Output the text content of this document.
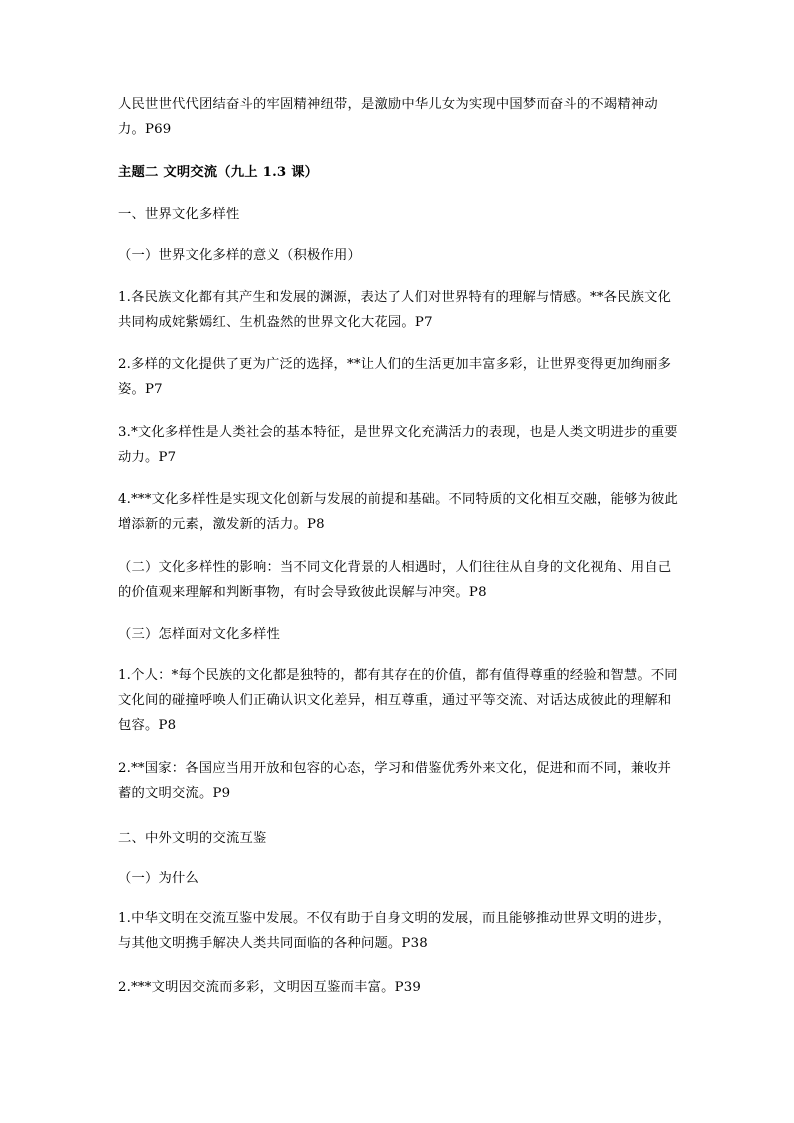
人民世世代代团结奋斗的牢固精神纽带，是激励中华儿女为实现中国梦而奋斗的不竭精神动力。P69

主题二 文明交流（九上 1.3 课）

一、世界文化多样性

（一）世界文化多样的意义（积极作用）

1.各民族文化都有其产生和发展的渊源，表达了人们对世界特有的理解与情感。**各民族文化共同构成姹紫嫣红、生机盎然的世界文化大花园。P7

2.多样的文化提供了更为广泛的选择，**让人们的生活更加丰富多彩，让世界变得更加绚丽多姿。P7

3.*文化多样性是人类社会的基本特征，是世界文化充满活力的表现，也是人类文明进步的重要动力。P7

4.***文化多样性是实现文化创新与发展的前提和基础。不同特质的文化相互交融，能够为彼此增添新的元素，激发新的活力。P8

（二）文化多样性的影响：当不同文化背景的人相遇时，人们往往从自身的文化视角、用自己的价值观来理解和判断事物，有时会导致彼此误解与冲突。P8

（三）怎样面对文化多样性

1.个人：*每个民族的文化都是独特的，都有其存在的价值，都有值得尊重的经验和智慧。不同文化间的碰撞呼唤人们正确认识文化差异，相互尊重，通过平等交流、对话达成彼此的理解和包容。P8

2.**国家：各国应当用开放和包容的心态，学习和借鉴优秀外来文化，促进和而不同，兼收并蓄的文明交流。P9

二、中外文明的交流互鉴

（一）为什么

1.中华文明在交流互鉴中发展。不仅有助于自身文明的发展，而且能够推动世界文明的进步，与其他文明携手解决人类共同面临的各种问题。P38

2.***文明因交流而多彩，文明因互鉴而丰富。P39
